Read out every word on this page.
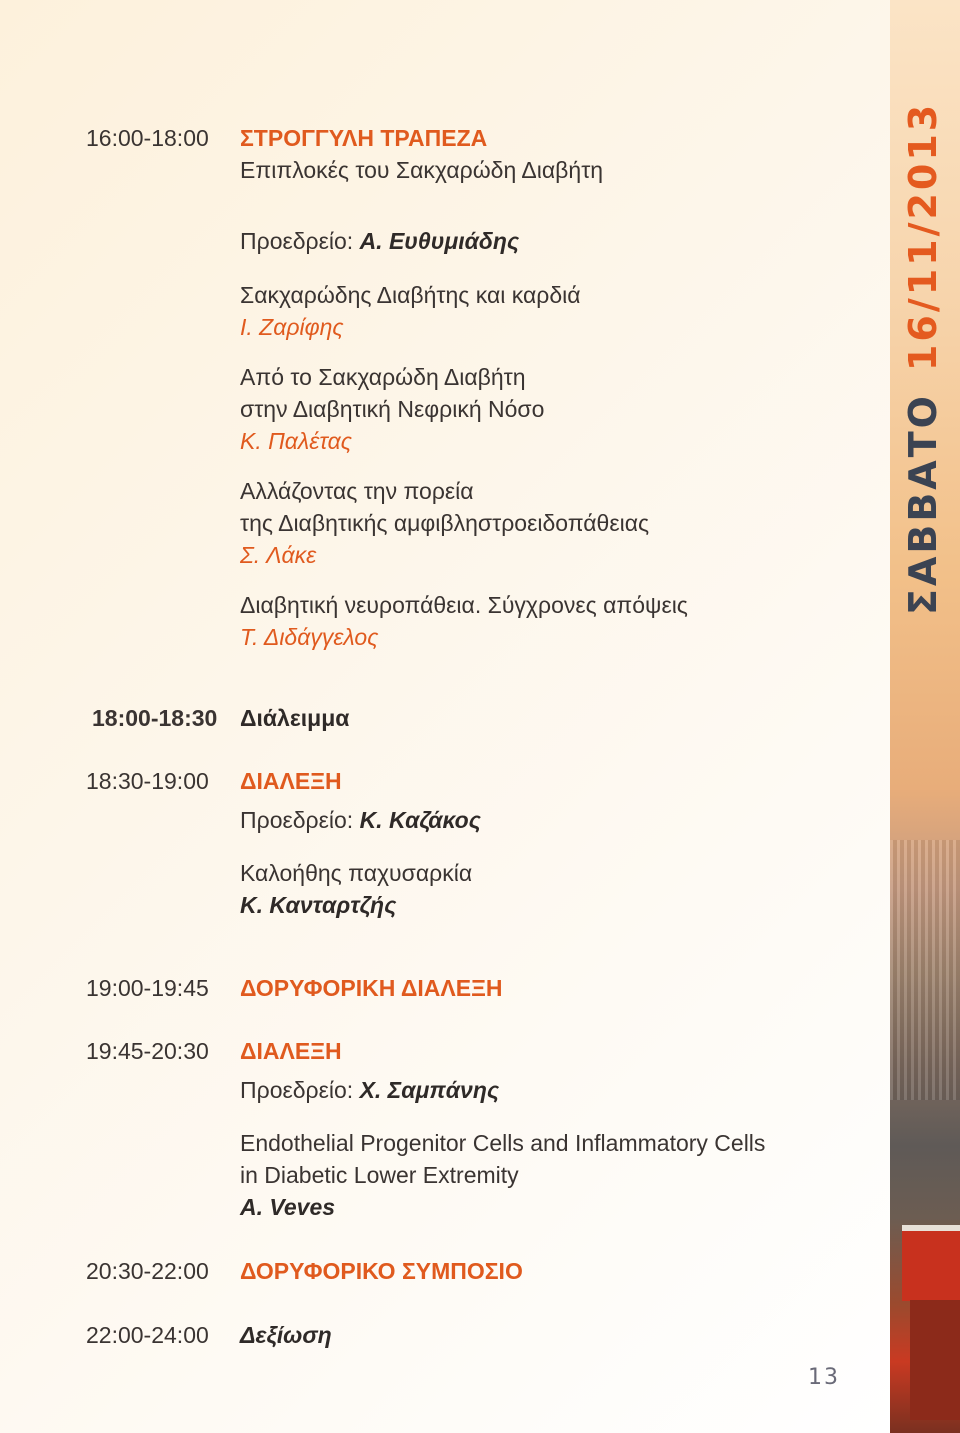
ΣΑΒΒΑΤΟ16/11/2013
16:00-18:00 ΣΤΡΟΓΓΥΛΗ ΤΡΑΠΕΖΑ
Επιπλοκές του Σακχαρώδη Διαβήτη
Προεδρείο: Α. Ευθυμιάδης
Σακχαρώδης Διαβήτης και καρδιά
Ι. Ζαρίφης
Από το Σακχαρώδη Διαβήτη
στην Διαβητική Νεφρική Νόσο
Κ. Παλέτας
Αλλάζοντας την πορεία
της Διαβητικής αμφιβληστροειδοπάθειας
Σ. Λάκε
Διαβητική νευροπάθεια. Σύγχρονες απόψεις
Τ. Διδάγγελος
18:00-18:30 Διάλειμμα
18:30-19:00 ΔΙΑΛΕΞΗ
Προεδρείο: Κ. Καζάκος
Καλοήθης παχυσαρκία
Κ. Κανταρτζής
19:00-19:45 ΔΟΡΥΦΟΡΙΚΗ ΔΙΑΛΕΞΗ
19:45-20:30 ΔΙΑΛΕΞΗ
Προεδρείο: Χ. Σαμπάνης
Endothelial Progenitor Cells and Inflammatory Cells
in Diabetic Lower Extremity
A. Veves
20:30-22:00 ΔΟΡΥΦΟΡΙΚΟ ΣΥΜΠΟΣΙΟ
22:00-24:00 Δεξίωση
13
